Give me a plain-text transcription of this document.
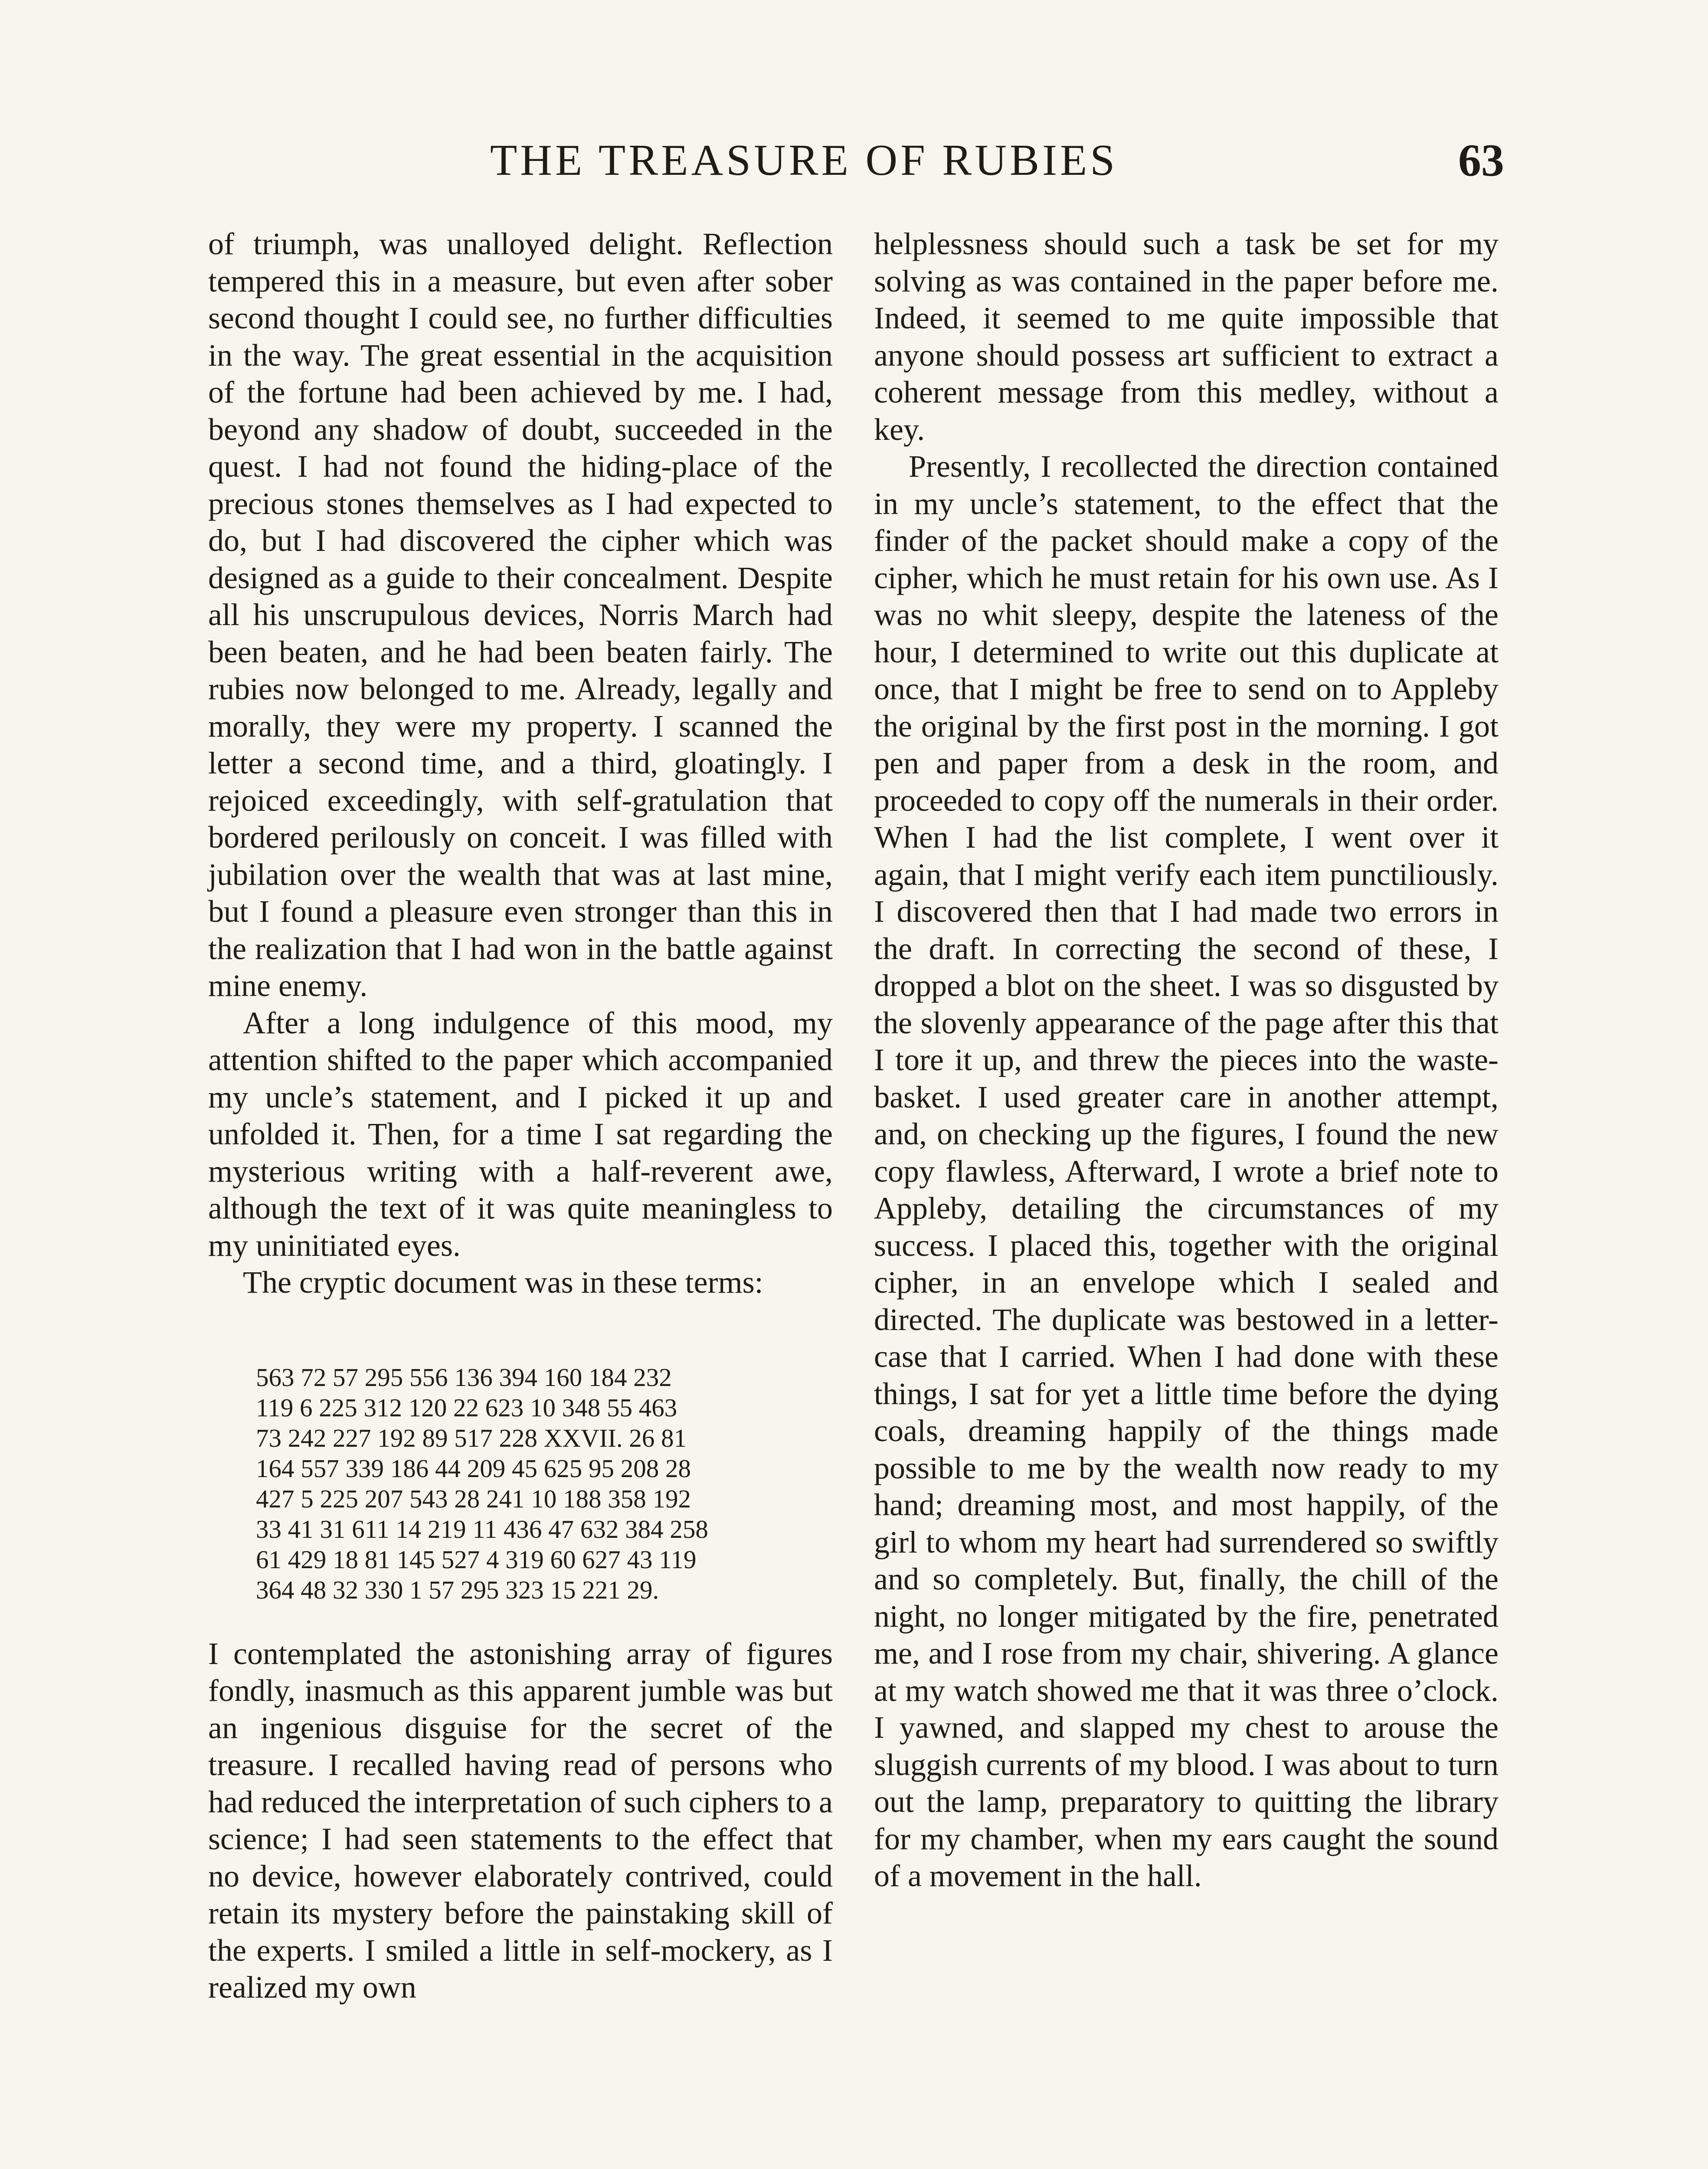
THE TREASURE OF RUBIES	63

of triumph, was unalloyed delight. Reflection tempered this in a measure, but even after sober second thought I could see, no further difficulties in the way. The great essential in the acquisition of the fortune had been achieved by me. I had, beyond any shadow of doubt, succeeded in the quest. I had not found the hiding-place of the precious stones themselves as I had expected to do, but I had discovered the cipher which was designed as a guide to their concealment. Despite all his unscrupulous devices, Norris March had been beaten, and he had been beaten fairly. The rubies now belonged to me. Already, legally and morally, they were my property. I scanned the letter a second time, and a third, gloatingly. I rejoiced exceedingly, with self-gratulation that bordered perilously on conceit. I was filled with jubilation over the wealth that was at last mine, but I found a pleasure even stronger than this in the realization that I had won in the battle against mine enemy.

After a long indulgence of this mood, my attention shifted to the paper which accompanied my uncle’s statement, and I picked it up and unfolded it. Then, for a time I sat regarding the mysterious writing with a half-reverent awe, although the text of it was quite meaningless to my uninitiated eyes.

The cryptic document was in these terms:

563 72 57 295 556 136 394 160 184 232
119 6 225 312 120 22 623 10 348 55 463
73 242 227 192 89 517 228 XXVII. 26 81
164 557 339 186 44 209 45 625 95 208 28
427 5 225 207 543 28 241 10 188 358 192
33 41 31 611 14 219 11 436 47 632 384 258
61 429 18 81 145 527 4 319 60 627 43 119
364 48 32 330 1 57 295 323 15 221 29.

I contemplated the astonishing array of figures fondly, inasmuch as this apparent jumble was but an ingenious disguise for the secret of the treasure. I recalled having read of persons who had reduced the interpretation of such ciphers to a science; I had seen statements to the effect that no device, however elaborately contrived, could retain its mystery before the painstaking skill of the experts. I smiled a little in self-mockery, as I realized my own

helplessness should such a task be set for my solving as was contained in the paper before me. Indeed, it seemed to me quite impossible that anyone should possess art sufficient to extract a coherent message from this medley, without a key.

Presently, I recollected the direction contained in my uncle’s statement, to the effect that the finder of the packet should make a copy of the cipher, which he must retain for his own use. As I was no whit sleepy, despite the lateness of the hour, I determined to write out this duplicate at once, that I might be free to send on to Appleby the original by the first post in the morning. I got pen and paper from a desk in the room, and proceeded to copy off the numerals in their order. When I had the list complete, I went over it again, that I might verify each item punctiliously. I discovered then that I had made two errors in the draft. In correcting the second of these, I dropped a blot on the sheet. I was so disgusted by the slovenly appearance of the page after this that I tore it up, and threw the pieces into the waste-basket. I used greater care in another attempt, and, on checking up the figures, I found the new copy flawless, Afterward, I wrote a brief note to Appleby, detailing the circumstances of my success. I placed this, together with the original cipher, in an envelope which I sealed and directed. The duplicate was bestowed in a letter-case that I carried. When I had done with these things, I sat for yet a little time before the dying coals, dreaming happily of the things made possible to me by the wealth now ready to my hand; dreaming most, and most happily, of the girl to whom my heart had surrendered so swiftly and so completely. But, finally, the chill of the night, no longer mitigated by the fire, penetrated me, and I rose from my chair, shivering. A glance at my watch showed me that it was three o’clock. I yawned, and slapped my chest to arouse the sluggish currents of my blood. I was about to turn out the lamp, preparatory to quitting the library for my chamber, when my ears caught the sound of a movement in the hall.
